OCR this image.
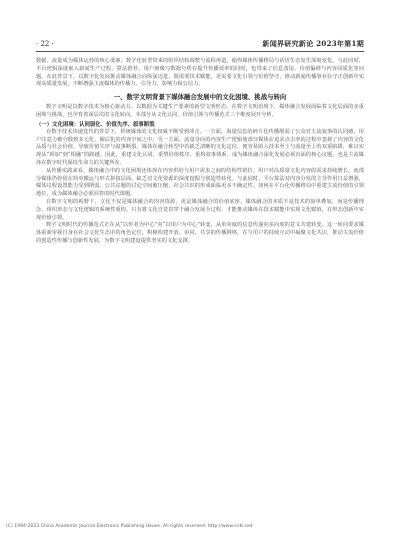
· 22 ·	新闻界研究新论 2023年第1期

数据、流量成为媒体运营的核心要素，数字化转型带来的组织结构调整与流程再造，使得媒体传播格局与话语生态发生深刻变化。与此同时，平台逻辑深度嵌入新闻生产过程，算法推荐、用户画像与数据分析在提升传播效率的同时，也带来了信息茧房、价值偏移与内容同质化等问题。在此背景下，以数字化发展推动媒体融合向纵深迈进，既需要技术赋能，更需要文化引领与价值坚守，推动新闻传播事业在守正创新中实现高质量发展，不断增强主流媒体的传播力、引导力、影响力和公信力。

一、数字文明背景下媒体融合发展中的文化困境、挑战与转向

数字文明是以数字技术为核心驱动力、以数据为关键生产要素的新型文明形态。在数字文明语境下，媒体融合发展面临着文化层面的多重困境与挑战，也孕育着深层次的文化转向。本部分从文化认同、价值引领与传播范式三个维度展开分析。

（一）文化困境：认同弱化、价值失序、叙事断裂

在数字技术快速迭代的背景下，传统媒体的文化权威不断受到冲击。一方面，海量信息的碎片化传播削弱了公众对主流叙事的认同感，用户注意力被分散到多元化、圈层化的内容空间之中；另一方面，流量导向的内容生产逻辑使部分媒体在追求点击率的过程中忽视了内容的文化品质与社会价值，导致价值失序与叙事断裂。媒体在融合转型中若缺乏清晰的文化定位，便容易陷入技术至上与流量至上的双重陷阱，难以实现从“相加”到“相融”的跨越。因此，重建文化认同、重塑价值秩序、重构叙事体系，成为媒体融合深化发展必须直面的核心议题，也是主流媒体在数字时代保持生命力的关键所在。

从传播实践来看，媒体融合中的文化困境还体现在内容供给与用户需求之间的结构性错位。用户对高质量文化内容的需求持续增长，而部分媒体仍停留在简单搬运与形式拼接层面，缺乏对文化资源的深度挖掘与创造性转化。与此同时，平台算法对内容分发的主导作用日益增强，媒体议程设置能力受到削弱，公共议题的讨论空间被压缩，社会共识的形成面临更多不确定性。如何在平台化传播格局中重建主流价值的引领地位，成为媒体融合必须回答的时代课题。

在数字文明的视野下，文化不仅是媒体融合的内容资源，更是媒体融合的价值底座。媒体融合的本质不是技术的简单叠加，而是传播理念、组织形态与文化逻辑的系统性重构。只有将文化自觉贯穿于融合发展全过程，才能推动媒体在技术赋能中实现文化赋值，在形态创新中实现价值引领。

数字文明时代的传播范式正在从“以传者为中心”向“以用户为中心”转变，从单向度的信息传递向多向度的意义共建转变。这一转向要求媒体重新审视自身在社会文化生态中的角色定位，积极构建开放、协同、共享的传播网络，在与用户的持续互动中凝聚文化共识，推动主流价值的创造性传播与创新性发展，为数字文明建设提供坚实的文化支撑。

(C) 1994-2023 China Academic Journal Electronic Publishing House. All rights reserved. http://www.cnki.net
